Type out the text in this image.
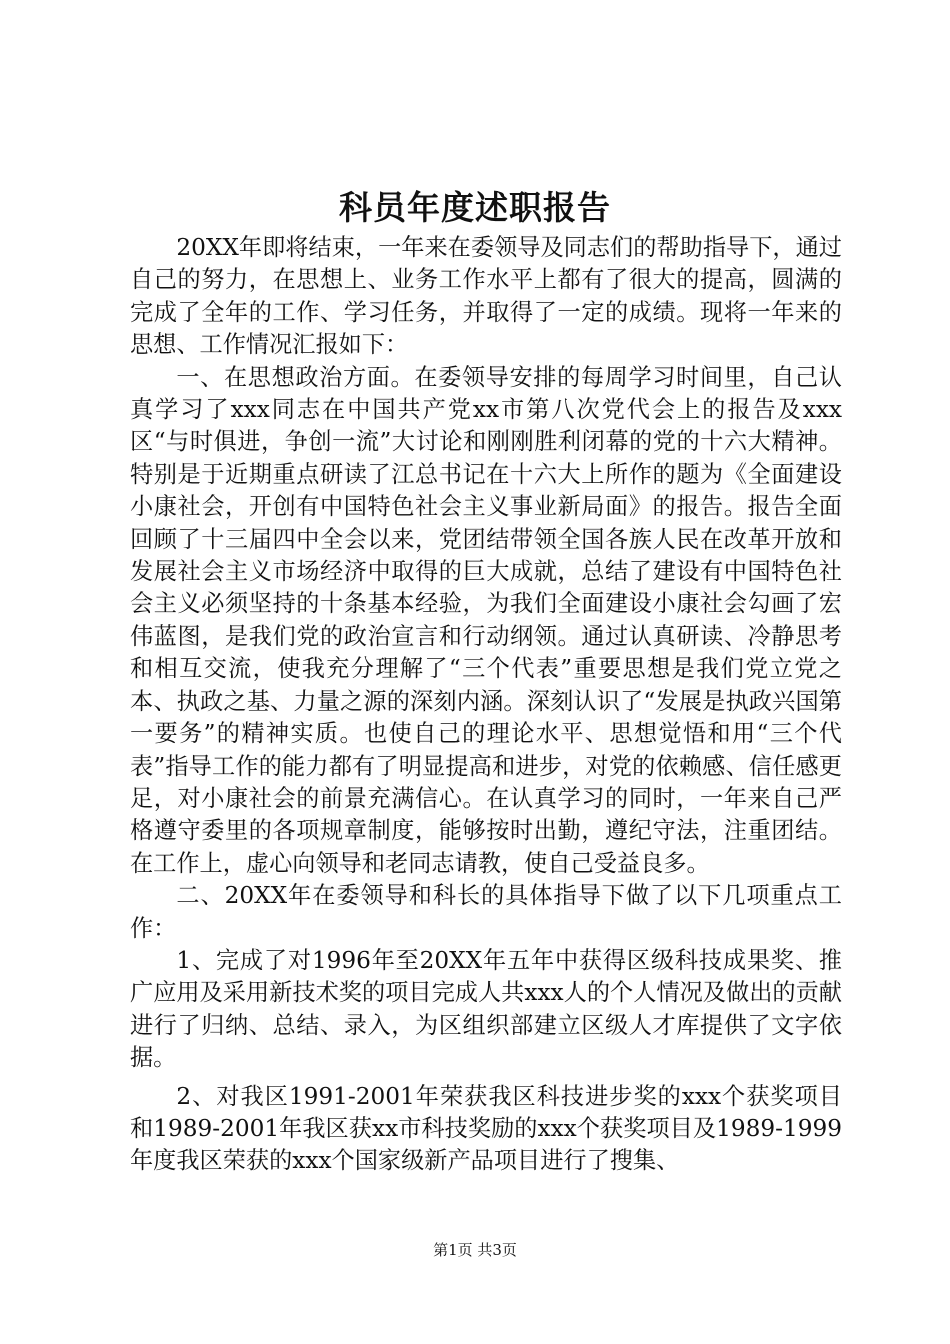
科员年度述职报告

20XX年即将结束，一年来在委领导及同志们的帮助指导下，通过自己的努力，在思想上、业务工作水平上都有了很大的提高，圆满的完成了全年的工作、学习任务，并取得了一定的成绩。现将一年来的思想、工作情况汇报如下：

一、在思想政治方面。在委领导安排的每周学习时间里，自己认真学习了xxx同志在中国共产党xx市第八次党代会上的报告及xxx区“与时俱进，争创一流”大讨论和刚刚胜利闭幕的党的十六大精神。特别是于近期重点研读了江总书记在十六大上所作的题为《全面建设小康社会，开创有中国特色社会主义事业新局面》的报告。报告全面回顾了十三届四中全会以来，党团结带领全国各族人民在改革开放和发展社会主义市场经济中取得的巨大成就，总结了建设有中国特色社会主义必须坚持的十条基本经验，为我们全面建设小康社会勾画了宏伟蓝图，是我们党的政治宣言和行动纲领。通过认真研读、冷静思考和相互交流，使我充分理解了“三个代表”重要思想是我们党立党之本、执政之基、力量之源的深刻内涵。深刻认识了“发展是执政兴国第一要务”的精神实质。也使自己的理论水平、思想觉悟和用“三个代表”指导工作的能力都有了明显提高和进步，对党的依赖感、信任感更足，对小康社会的前景充满信心。在认真学习的同时，一年来自己严格遵守委里的各项规章制度，能够按时出勤，遵纪守法，注重团结。在工作上，虚心向领导和老同志请教，使自己受益良多。

二、20XX年在委领导和科长的具体指导下做了以下几项重点工作：

1、完成了对1996年至20XX年五年中获得区级科技成果奖、推广应用及采用新技术奖的项目完成人共xxx人的个人情况及做出的贡献进行了归纳、总结、录入，为区组织部建立区级人才库提供了文字依据。

2、对我区1991-2001年荣获我区科技进步奖的xxx个获奖项目和1989-2001年我区获xx市科技奖励的xxx个获奖项目及1989-1999年度我区荣获的xxx个国家级新产品项目进行了搜集、

第1页 共3页
